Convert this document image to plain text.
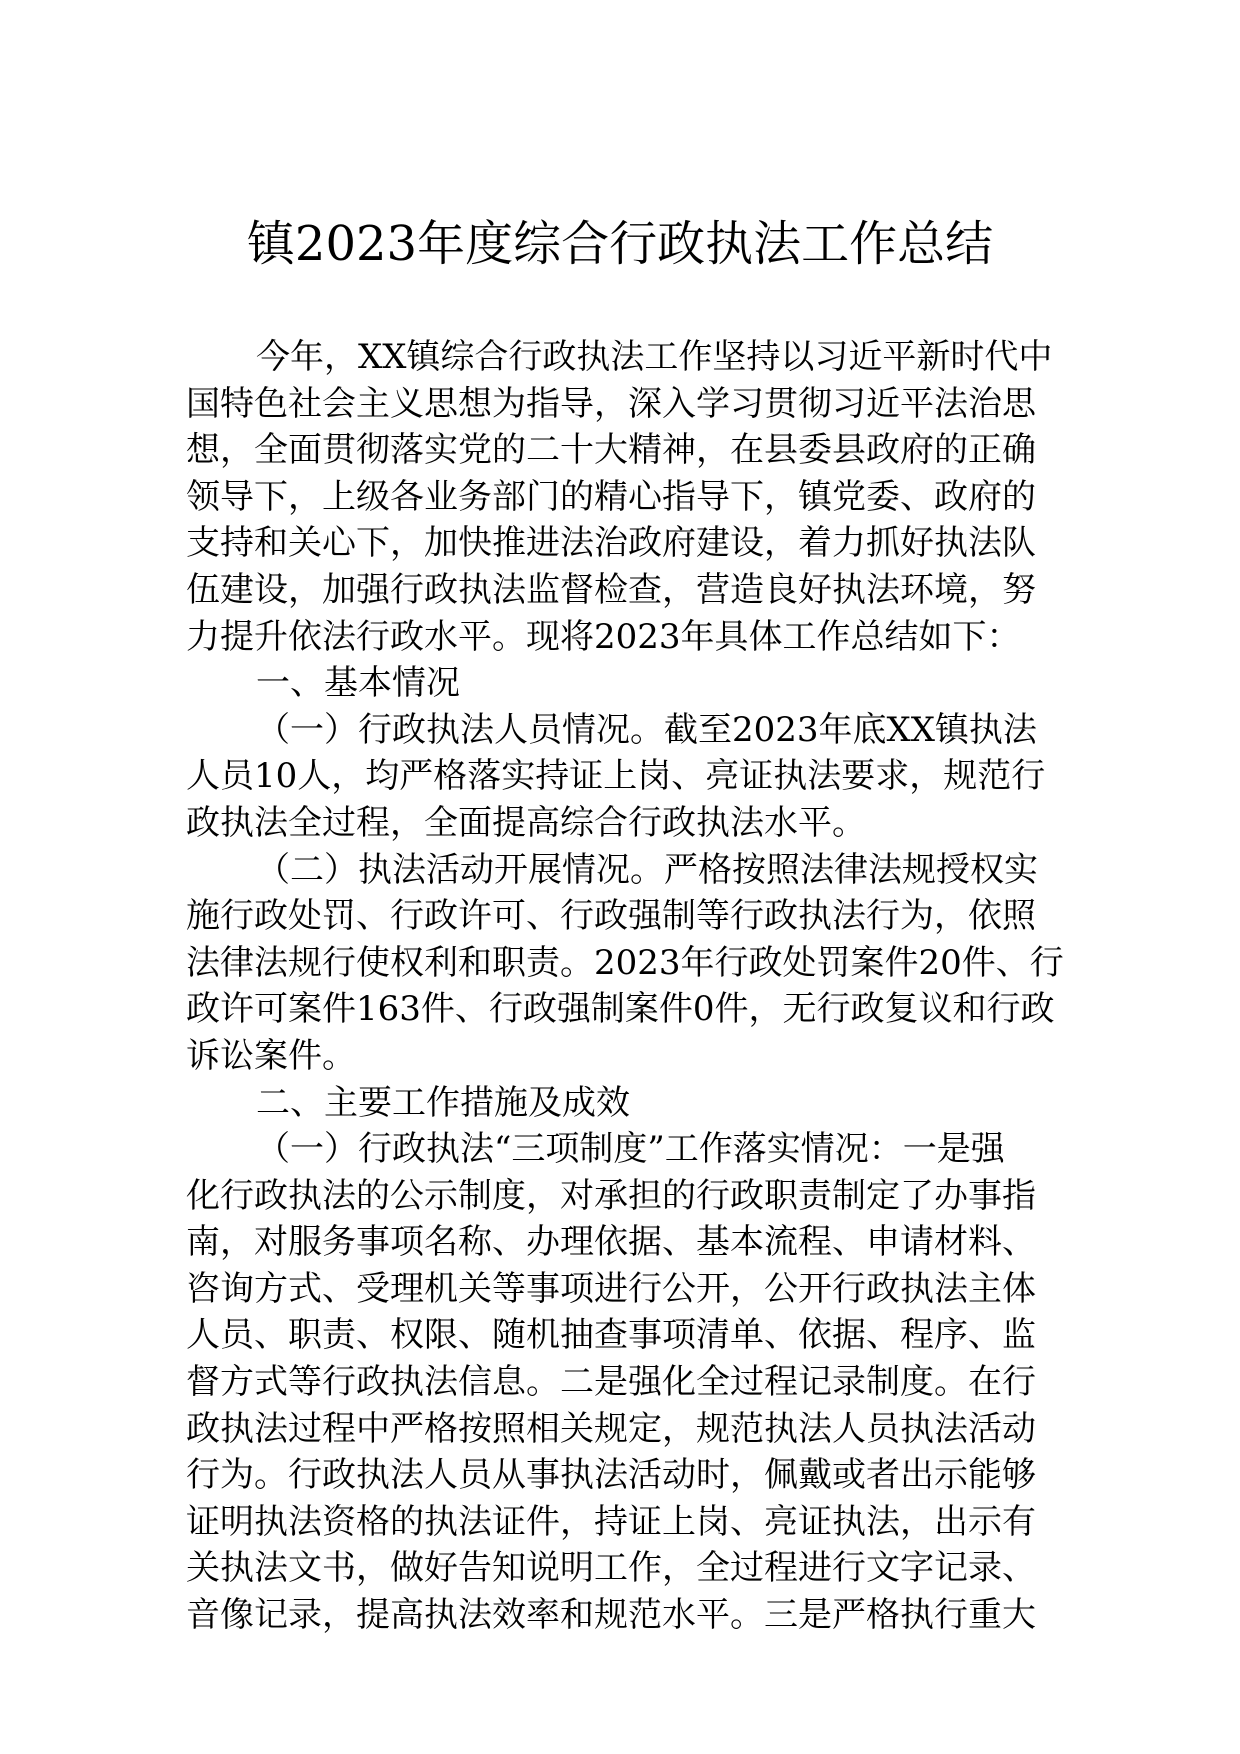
镇2023年度综合行政执法工作总结
今年，XX镇综合行政执法工作坚持以习近平新时代中
国特色社会主义思想为指导，深入学习贯彻习近平法治思
想，全面贯彻落实党的二十大精神，在县委县政府的正确
领导下，上级各业务部门的精心指导下，镇党委、政府的
支持和关心下，加快推进法治政府建设，着力抓好执法队
伍建设，加强行政执法监督检查，营造良好执法环境，努
力提升依法行政水平。现将2023年具体工作总结如下：
一、基本情况
（一）行政执法人员情况。截至2023年底XX镇执法
人员10人，均严格落实持证上岗、亮证执法要求，规范行
政执法全过程，全面提高综合行政执法水平。
（二）执法活动开展情况。严格按照法律法规授权实
施行政处罚、行政许可、行政强制等行政执法行为，依照
法律法规行使权利和职责。2023年行政处罚案件20件、行
政许可案件163件、行政强制案件0件，无行政复议和行政
诉讼案件。
二、主要工作措施及成效
（一）行政执法“三项制度”工作落实情况：一是强
化行政执法的公示制度，对承担的行政职责制定了办事指
南，对服务事项名称、办理依据、基本流程、申请材料、
咨询方式、受理机关等事项进行公开，公开行政执法主体
人员、职责、权限、随机抽查事项清单、依据、程序、监
督方式等行政执法信息。二是强化全过程记录制度。在行
政执法过程中严格按照相关规定，规范执法人员执法活动
行为。行政执法人员从事执法活动时，佩戴或者出示能够
证明执法资格的执法证件，持证上岗、亮证执法，出示有
关执法文书，做好告知说明工作，全过程进行文字记录、
音像记录，提高执法效率和规范水平。三是严格执行重大
